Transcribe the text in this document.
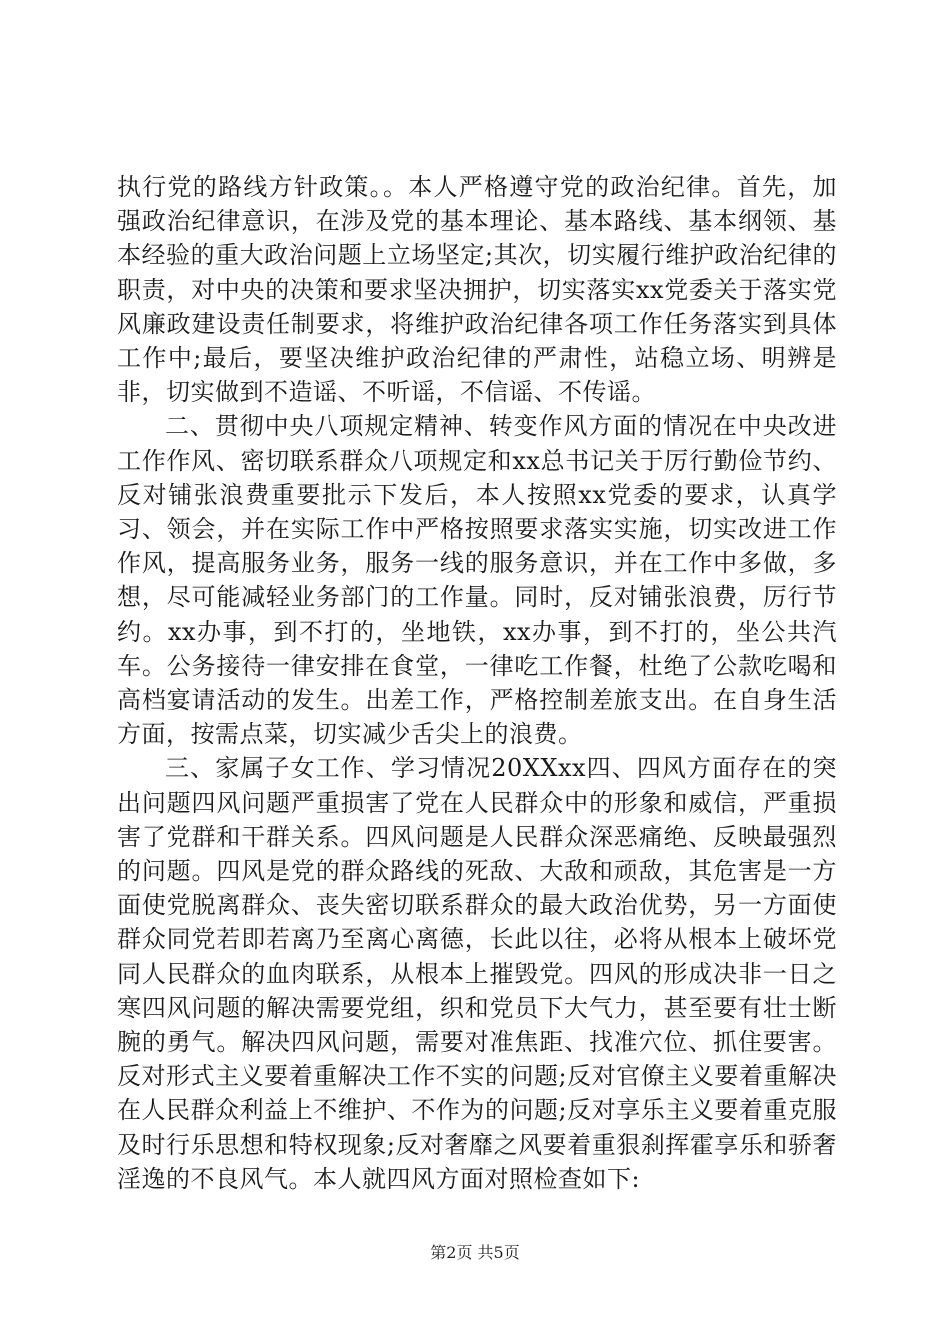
执行党的路线方针政策。。本人严格遵守党的政治纪律。首先，加强政治纪律意识，在涉及党的基本理论、基本路线、基本纲领、基本经验的重大政治问题上立场坚定;其次，切实履行维护政治纪律的职责，对中央的决策和要求坚决拥护，切实落实xx党委关于落实党风廉政建设责任制要求，将维护政治纪律各项工作任务落实到具体工作中;最后，要坚决维护政治纪律的严肃性，站稳立场、明辨是非，切实做到不造谣、不听谣，不信谣、不传谣。

二、贯彻中央八项规定精神、转变作风方面的情况在中央改进工作作风、密切联系群众八项规定和xx总书记关于厉行勤俭节约、反对铺张浪费重要批示下发后，本人按照xx党委的要求，认真学习、领会，并在实际工作中严格按照要求落实实施，切实改进工作作风，提高服务业务，服务一线的服务意识，并在工作中多做，多想，尽可能减轻业务部门的工作量。同时，反对铺张浪费，厉行节约。xx办事，到不打的，坐地铁，xx办事，到不打的，坐公共汽车。公务接待一律安排在食堂，一律吃工作餐，杜绝了公款吃喝和高档宴请活动的发生。出差工作，严格控制差旅支出。在自身生活方面，按需点菜，切实减少舌尖上的浪费。

三、家属子女工作、学习情况20XXxx四、四风方面存在的突出问题四风问题严重损害了党在人民群众中的形象和威信，严重损害了党群和干群关系。四风问题是人民群众深恶痛绝、反映最强烈的问题。四风是党的群众路线的死敌、大敌和顽敌，其危害是一方面使党脱离群众、丧失密切联系群众的最大政治优势，另一方面使群众同党若即若离乃至离心离德，长此以往，必将从根本上破坏党同人民群众的血肉联系，从根本上摧毁党。四风的形成决非一日之寒四风问题的解决需要党组，织和党员下大气力，甚至要有壮士断腕的勇气。解决四风问题，需要对准焦距、找准穴位、抓住要害。反对形式主义要着重解决工作不实的问题;反对官僚主义要着重解决在人民群众利益上不维护、不作为的问题;反对享乐主义要着重克服及时行乐思想和特权现象;反对奢靡之风要着重狠刹挥霍享乐和骄奢淫逸的不良风气。本人就四风方面对照检查如下:

第2页 共5页
